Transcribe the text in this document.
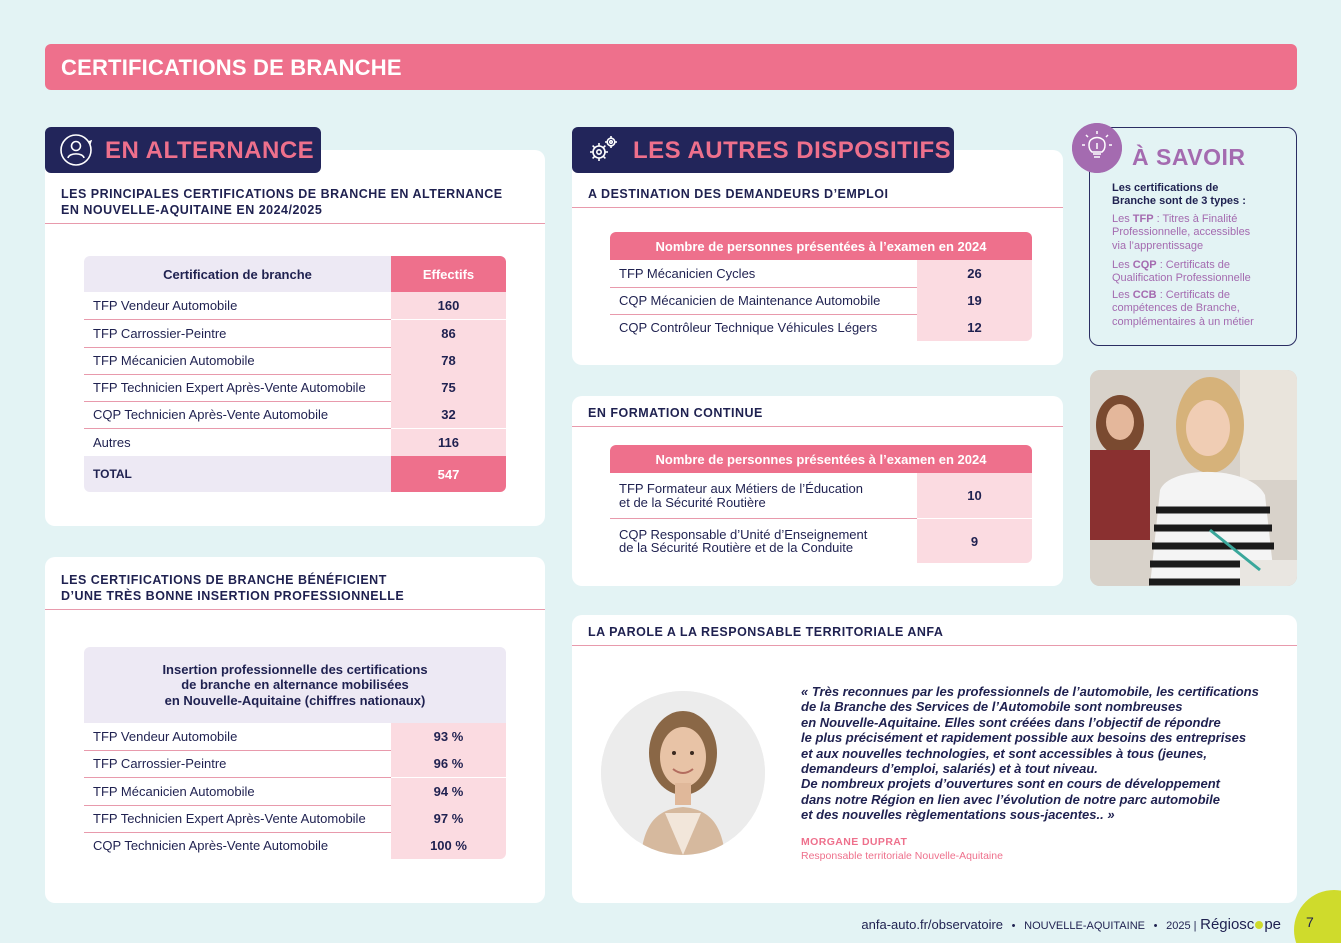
CERTIFICATIONS DE BRANCHE
LES PRINCIPALES CERTIFICATIONS DE BRANCHE EN ALTERNANCE
EN NOUVELLE-AQUITAINE EN 2024/2025
Certification de branche	Effectifs
TFP Vendeur Automobile	160
TFP Carrossier-Peintre	86
TFP Mécanicien Automobile	78
TFP Technicien Expert Après-Vente Automobile	75
CQP Technicien Après-Vente Automobile	32
Autres	116
TOTAL	547
EN ALTERNANCE
LES CERTIFICATIONS DE BRANCHE BÉNÉFICIENT
D’UNE TRÈS BONNE INSERTION PROFESSIONNELLE
Insertion professionnelle des certifications
de branche en alternance mobilisées
en Nouvelle-Aquitaine (chiffres nationaux)
TFP Vendeur Automobile	93 %
TFP Carrossier-Peintre	96 %
TFP Mécanicien Automobile	94 %
TFP Technicien Expert Après-Vente Automobile	97 %
CQP Technicien Après-Vente Automobile	100 %
A DESTINATION DES DEMANDEURS D’EMPLOI
Nombre de personnes présentées à l’examen en 2024
TFP Mécanicien Cycles	26
CQP Mécanicien de Maintenance Automobile	19
CQP Contrôleur Technique Véhicules Légers	12
LES AUTRES DISPOSITIFS
EN FORMATION CONTINUE
Nombre de personnes présentées à l’examen en 2024
TFP Formateur aux Métiers de l’Éducation
et de la Sécurité Routière	10
CQP Responsable d’Unité d’Enseignement
de la Sécurité Routière et de la Conduite	9
À SAVOIR
Les certifications de
Branche sont de 3 types :
Les TFP : Titres à Finalité
Professionnelle, accessibles
via l’apprentissage
Les CQP : Certificats de
Qualification Professionnelle
Les CCB : Certificats de
compétences de Branche,
complémentaires à un métier
LA PAROLE A LA RESPONSABLE TERRITORIALE ANFA
« Très reconnues par les professionnels de l’automobile, les certifications
de la Branche des Services de l’Automobile sont nombreuses
en Nouvelle-Aquitaine. Elles sont créées dans l’objectif de répondre
le plus précisément et rapidement possible aux besoins des entreprises
et aux nouvelles technologies, et sont accessibles à tous (jeunes,
demandeurs d’emploi, salariés) et à tout niveau.
De nombreux projets d’ouvertures sont en cours de développement
dans notre Région en lien avec l’évolution de notre parc automobile
et des nouvelles règlementations sous-jacentes.. »
MORGANE DUPRAT
Responsable territoriale Nouvelle-Aquitaine
anfa-auto.fr/observatoire • NOUVELLE-AQUITAINE • 2025 | Régiosc pe 7
